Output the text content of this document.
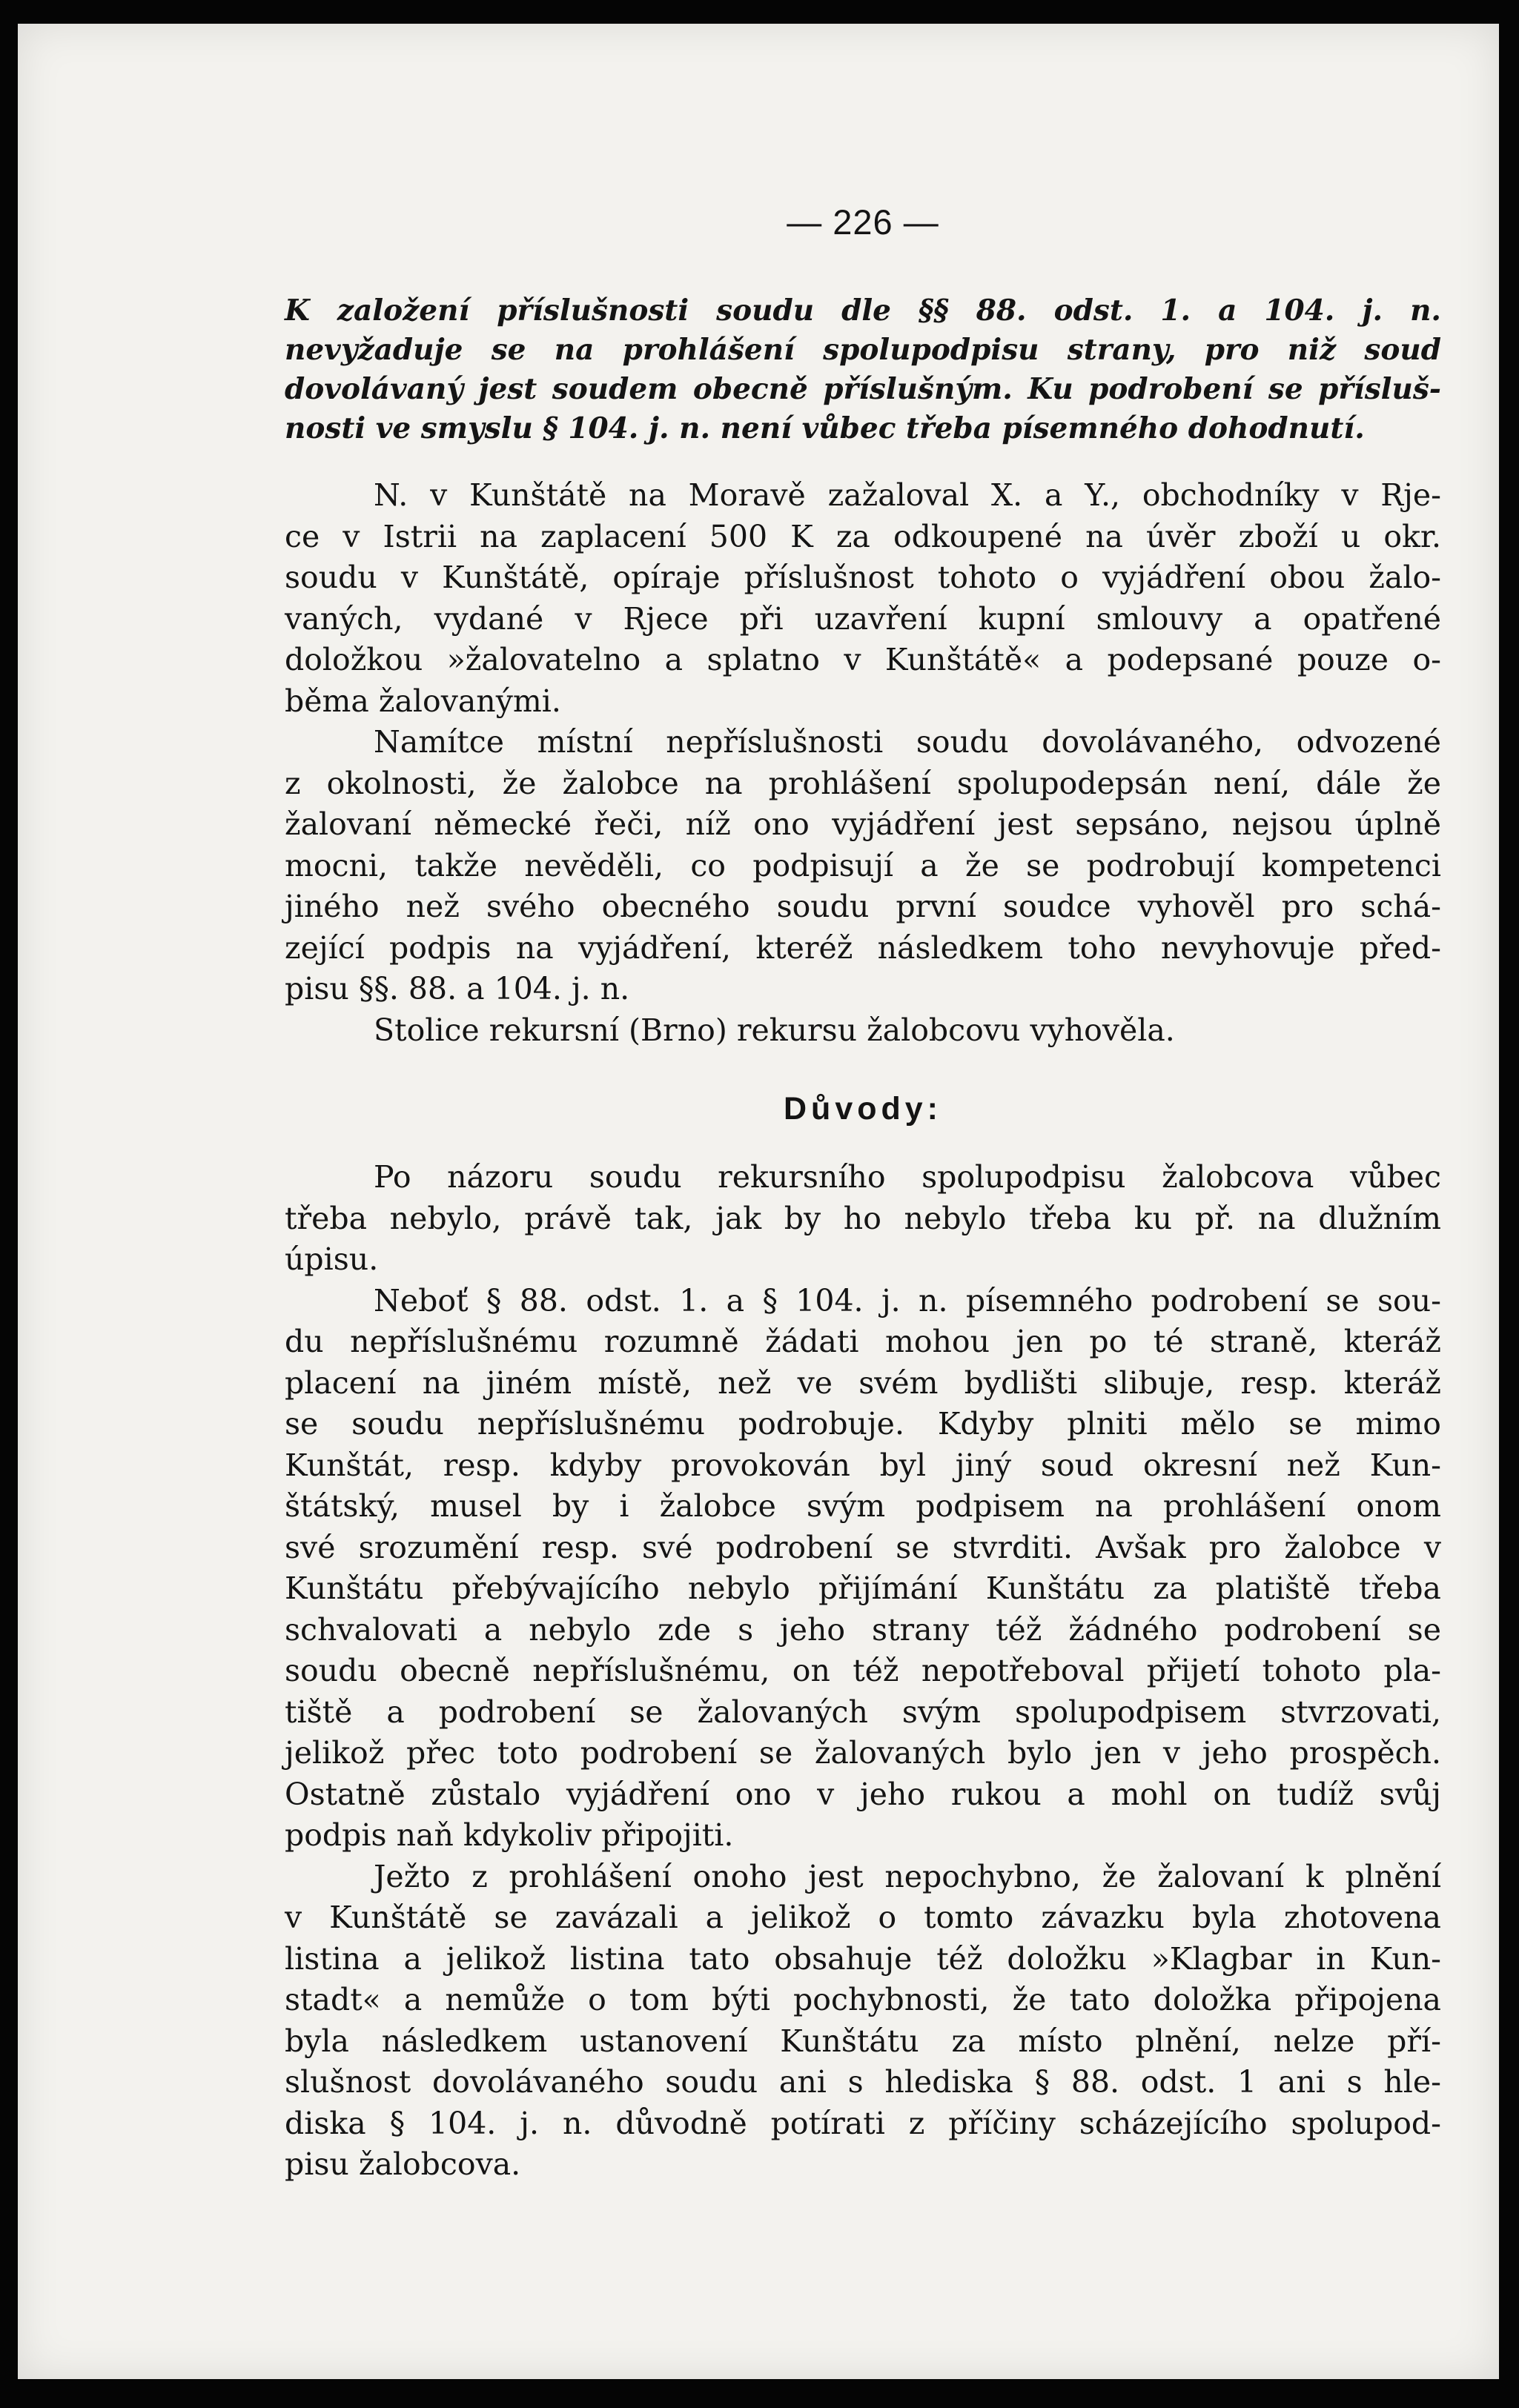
— 226 —
K založení příslušnosti soudu dle §§ 88. odst. 1. a 104. j. n.
nevyžaduje se na prohlášení spolupodpisu strany, pro niž soud
dovolávaný jest soudem obecně příslušným. Ku podrobení se přísluš-
nosti ve smyslu § 104. j. n. není vůbec třeba písemného dohodnutí.

N. v Kunštátě na Moravě zažaloval X. a Y., obchodníky v Rje-
ce v Istrii na zaplacení 500 K za odkoupené na úvěr zboží u okr.
soudu v Kunštátě, opíraje příslušnost tohoto o vyjádření obou žalo-
vaných, vydané v Rjece při uzavření kupní smlouvy a opatřené
doložkou »žalovatelno a splatno v Kunštátě« a podepsané pouze o-
běma žalovanými.

Namítce místní nepříslušnosti soudu dovolávaného, odvozené
z okolnosti, že žalobce na prohlášení spolupodepsán není, dále že
žalovaní německé řeči, níž ono vyjádření jest sepsáno, nejsou úplně
mocni, takže nevěděli, co podpisují a že se podrobují kompetenci
jiného než svého obecného soudu první soudce vyhověl pro schá-
zející podpis na vyjádření, kteréž následkem toho nevyhovuje před-
pisu §§. 88. a 104. j. n.

Stolice rekursní (Brno) rekursu žalobcovu vyhověla.

Důvody:

Po názoru soudu rekursního spolupodpisu žalobcova vůbec
třeba nebylo, právě tak, jak by ho nebylo třeba ku př. na dlužním
úpisu.

Neboť § 88. odst. 1. a § 104. j. n. písemného podrobení se sou-
du nepříslušnému rozumně žádati mohou jen po té straně, kteráž
placení na jiném místě, než ve svém bydlišti slibuje, resp. kteráž
se soudu nepříslušnému podrobuje. Kdyby plniti mělo se mimo
Kunštát, resp. kdyby provokován byl jiný soud okresní než Kun-
štátský, musel by i žalobce svým podpisem na prohlášení onom
své srozumění resp. své podrobení se stvrditi. Avšak pro žalobce v
Kunštátu přebývajícího nebylo přijímání Kunštátu za platiště třeba
schvalovati a nebylo zde s jeho strany též žádného podrobení se
soudu obecně nepříslušnému, on též nepotřeboval přijetí tohoto pla-
tiště a podrobení se žalovaných svým spolupodpisem stvrzovati,
jelikož přec toto podrobení se žalovaných bylo jen v jeho prospěch.
Ostatně zůstalo vyjádření ono v jeho rukou a mohl on tudíž svůj
podpis naň kdykoliv připojiti.

Ježto z prohlášení onoho jest nepochybno, že žalovaní k plnění
v Kunštátě se zavázali a jelikož o tomto závazku byla zhotovena
listina a jelikož listina tato obsahuje též doložku »Klagbar in Kun-
stadt« a nemůže o tom býti pochybnosti, že tato doložka připojena
byla následkem ustanovení Kunštátu za místo plnění, nelze pří-
slušnost dovolávaného soudu ani s hlediska § 88. odst. 1 ani s hle-
diska § 104. j. n. důvodně potírati z příčiny scházejícího spolupod-
pisu žalobcova.
